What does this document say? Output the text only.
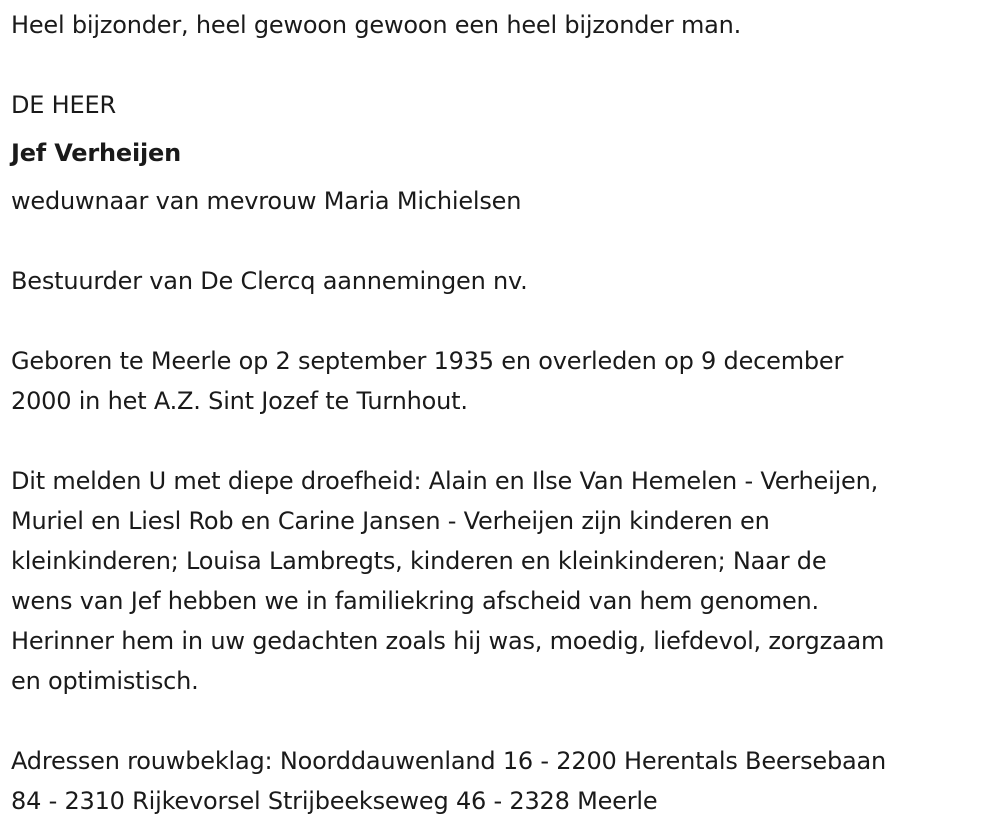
Heel bijzonder, heel gewoon gewoon een heel bijzonder man.

DE HEER

Jef Verheijen

weduwnaar van mevrouw Maria Michielsen

Bestuurder van De Clercq aannemingen nv.

Geboren te Meerle op 2 september 1935 en overleden op 9 december

2000 in het A.Z. Sint Jozef te Turnhout.

Dit melden U met diepe droefheid: Alain en Ilse Van Hemelen - Verheijen,

Muriel en Liesl Rob en Carine Jansen - Verheijen zijn kinderen en

kleinkinderen; Louisa Lambregts, kinderen en kleinkinderen; Naar de

wens van Jef hebben we in familiekring afscheid van hem genomen.

Herinner hem in uw gedachten zoals hij was, moedig, liefdevol, zorgzaam

en optimistisch.

Adressen rouwbeklag: Noorddauwenland 16 - 2200 Herentals Beersebaan

84 - 2310 Rijkevorsel Strijbeekseweg 46 - 2328 Meerle
